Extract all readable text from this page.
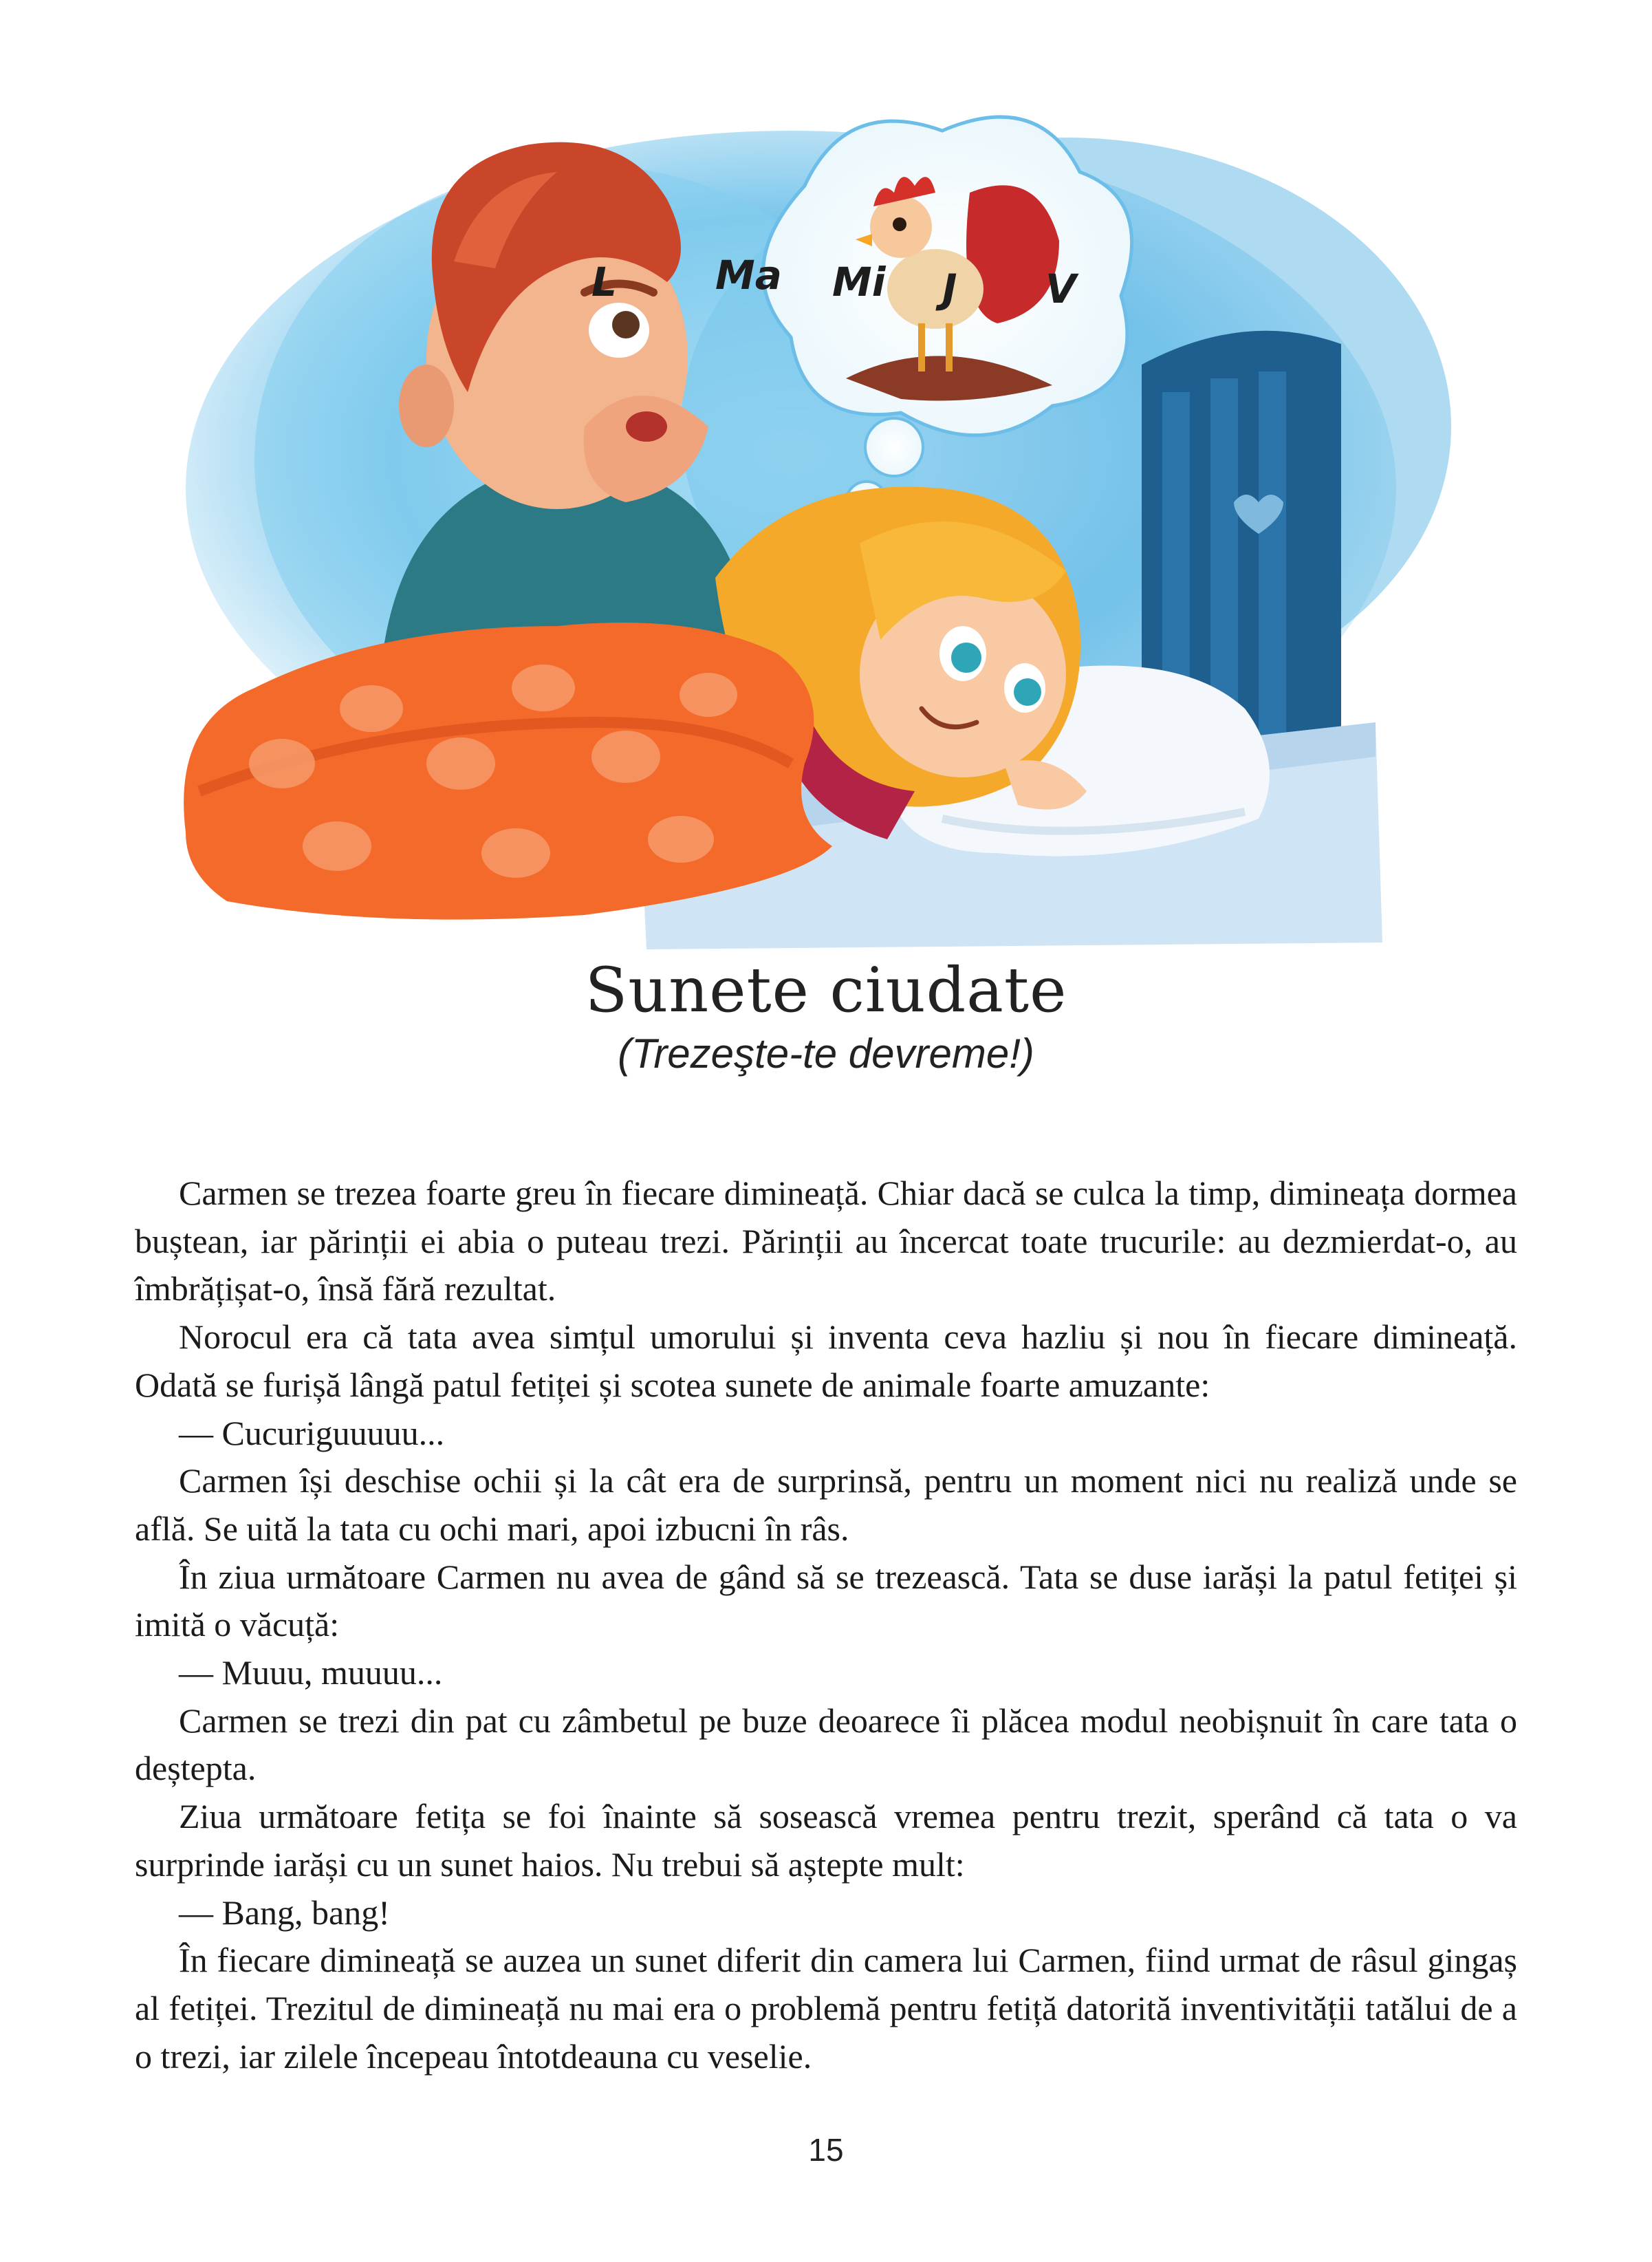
L Ma Mi J V
Sunete ciudate

(Trezeşte-te devreme!)

Carmen se trezea foarte greu în fiecare dimineață. Chiar dacă se culca la timp, dimineața dormea buștean, iar părinții ei abia o puteau trezi. Părinții au încercat toate trucurile: au dezmierdat-o, au îmbrățișat-o, însă fără rezultat.

Norocul era că tata avea simțul umorului și inventa ceva hazliu și nou în fiecare dimineață. Odată se furișă lângă patul fetiței și scotea sunete de animale foarte amuzante:

— Cucuriguuuuu...

Carmen își deschise ochii și la cât era de surprinsă, pentru un moment nici nu realiză unde se află. Se uită la tata cu ochi mari, apoi izbucni în râs.

În ziua următoare Carmen nu avea de gând să se trezească. Tata se duse iarăși la patul fetiței și imită o văcuță:

— Muuu, muuuu...

Carmen se trezi din pat cu zâmbetul pe buze deoarece îi plăcea modul neobișnuit în care tata o deștepta.

Ziua următoare fetița se foi înainte să sosească vremea pentru trezit, sperând că tata o va surprinde iarăși cu un sunet haios. Nu trebui să aștepte mult:

— Bang, bang!

În fiecare dimineață se auzea un sunet diferit din camera lui Carmen, fiind urmat de râsul gingaș al fetiței. Trezitul de dimineață nu mai era o problemă pentru fetiță datorită inventivității tatălui de a o trezi, iar zilele începeau întotdeauna cu veselie.

15
